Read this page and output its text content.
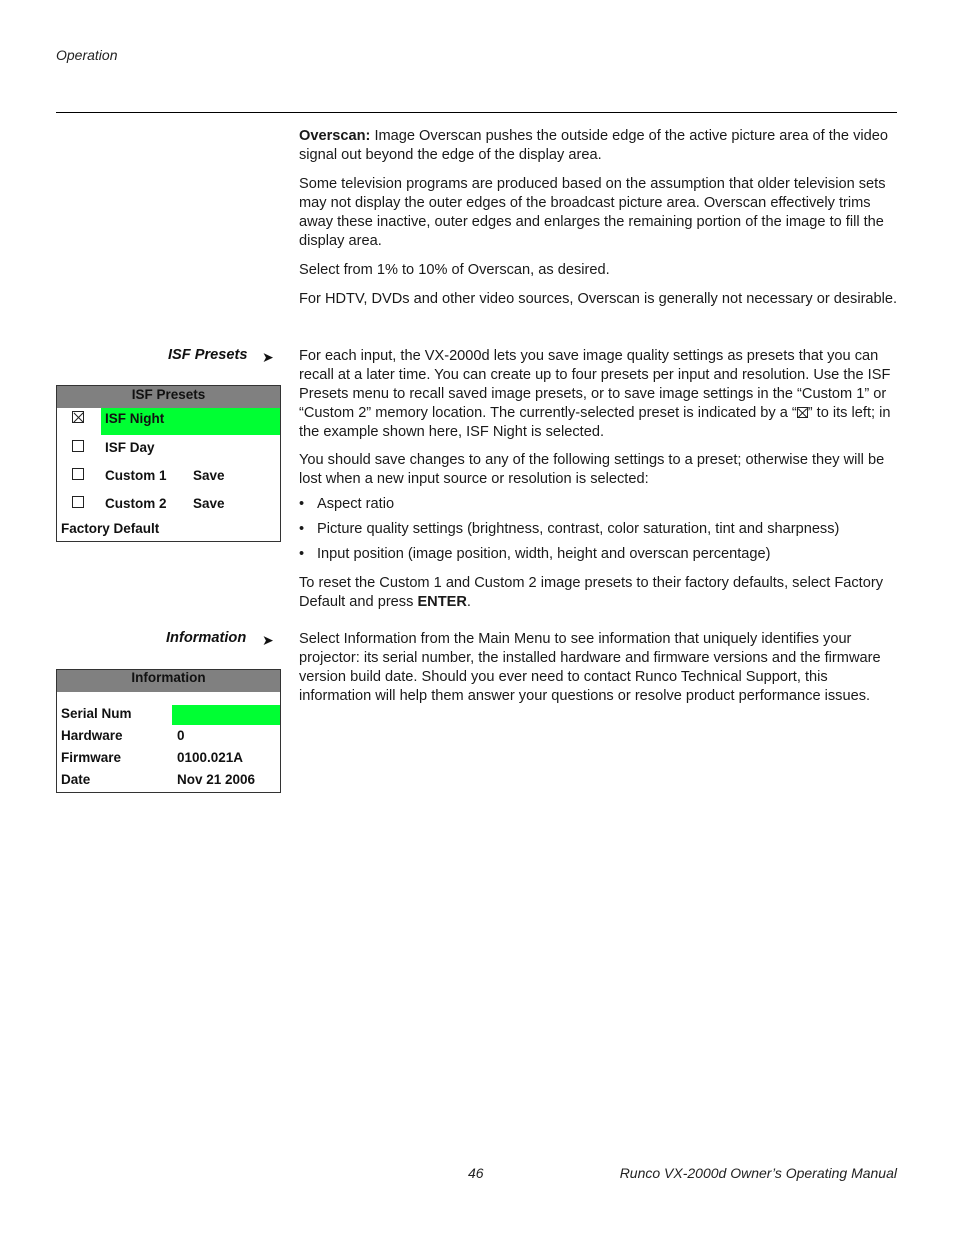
Operation

Overscan: Image Overscan pushes the outside edge of the active picture area of the video signal out beyond the edge of the display area.

Some television programs are produced based on the assumption that older television sets may not display the outer edges of the broadcast picture area. Overscan effectively trims away these inactive, outer edges and enlarges the remaining portion of the image to fill the display area.

Select from 1% to 10% of Overscan, as desired.

For HDTV, DVDs and other video sources, Overscan is generally not necessary or desirable.

ISF Presets ➤ For each input, the VX-2000d lets you save image quality settings as presets that you can recall at a later time. You can create up to four presets per input and resolution. Use the ISF Presets menu to recall saved image presets, or to save image settings in the “Custom 1” or “Custom 2” memory location. The currently-selected preset is indicated by a “ ” to its left; in the example shown here, ISF Night is selected.

You should save changes to any of the following settings to a preset; otherwise they will be lost when a new input source or resolution is selected:

• Aspect ratio
• Picture quality settings (brightness, contrast, color saturation, tint and sharpness)
• Input position (image position, width, height and overscan percentage)

To reset the Custom 1 and Custom 2 image presets to their factory defaults, select Factory Default and press ENTER.

ISF Presets
ISF Night
ISF Day
Custom 1 Save
Custom 2 Save
Factory Default
Information ➤ Select Information from the Main Menu to see information that uniquely identifies your projector: its serial number, the installed hardware and firmware versions and the firmware version build date. Should you ever need to contact Runco Technical Support, this information will help them answer your questions or resolve product performance issues.

Information
Serial Num
Hardware	0
Firmware	0100.021A
Date	Nov 21 2006
46	Runco VX-2000d Owner’s Operating Manual
